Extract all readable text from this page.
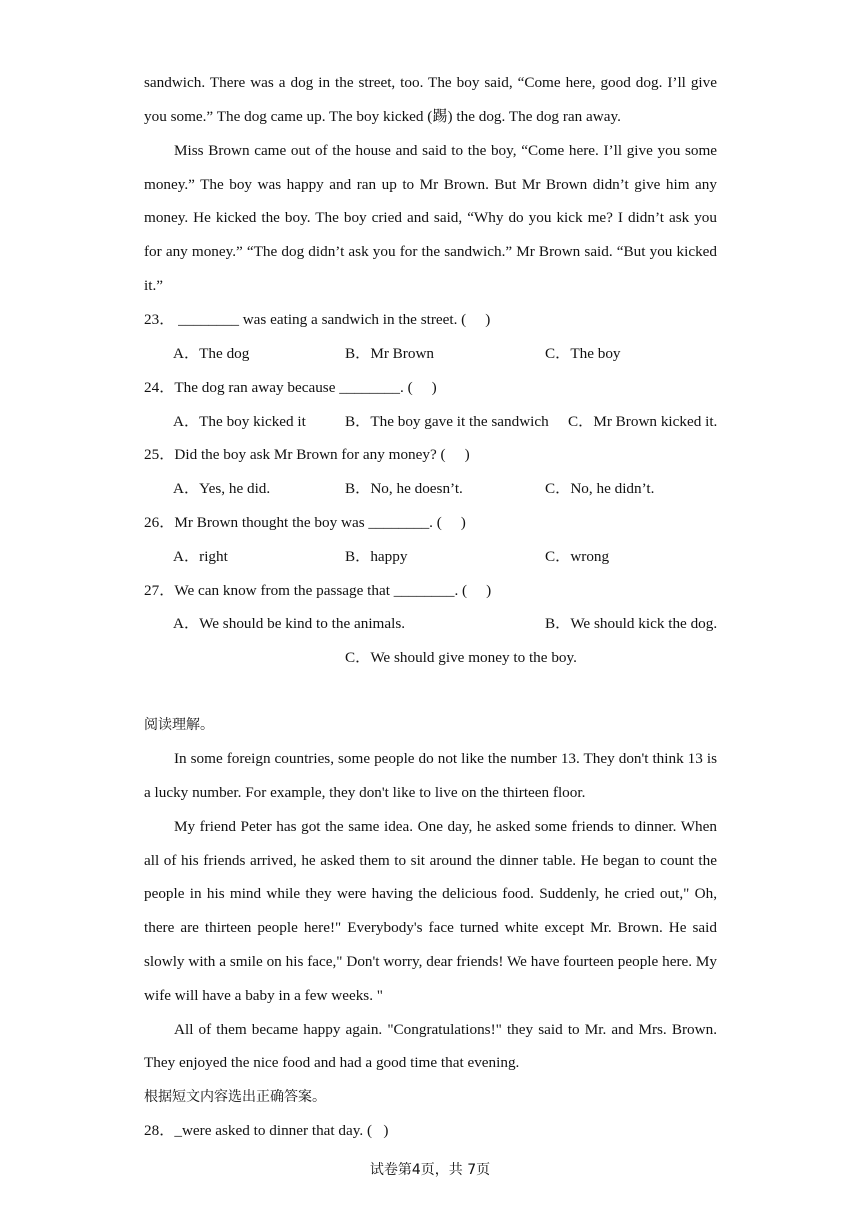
sandwich. There was a dog in the street, too. The boy said, “Come here, good dog. I’ll give
you some.” The dog came up. The boy kicked (踢) the dog. The dog ran away.
Miss Brown came out of the house and said to the boy, “Come here. I’ll give you some
money.” The boy was happy and ran up to Mr Brown. But Mr Brown didn’t give him any
money. He kicked the boy. The boy cried and said, “Why do you kick me? I didn’t ask you
for any money.” “The dog didn’t ask you for the sandwich.” Mr Brown said. “But you kicked
it.”
23． ________ was eating a sandwich in the street. (     )
A．The dog	B．Mr Brown	C．The boy
24．The dog ran away because ________. (     )
A．The boy kicked it	B．The boy gave it the sandwich C．Mr Brown kicked it.
25．Did the boy ask Mr Brown for any money? (     )
A．Yes, he did.	B．No, he doesn’t.	C．No, he didn’t.
26．Mr Brown thought the boy was ________. (     )
A．right	B．happy	C．wrong
27．We can know from the passage that ________. (     )
A．We should be kind to the animals.	B．We should kick the dog.
C．We should give money to the boy.
阅读理解。
In some foreign countries, some people do not like the number 13. They don't think 13 is
a lucky number. For example, they don't like to live on the thirteen floor.
My friend Peter has got the same idea. One day, he asked some friends to dinner. When
all of his friends arrived, he asked them to sit around the dinner table. He began to count the
people in his mind while they were having the delicious food. Suddenly, he cried out," Oh,
there are thirteen people here!" Everybody's face turned white except Mr. Brown. He said
slowly with a smile on his face," Don't worry, dear friends! We have fourteen people here. My
wife will have a baby in a few weeks. "
All of them became happy again. "Congratulations!" they said to Mr. and Mrs. Brown.
They enjoyed the nice food and had a good time that evening.
根据短文内容选出正确答案。
28．_were asked to dinner that day. (   )
试卷第4页，共 7页
